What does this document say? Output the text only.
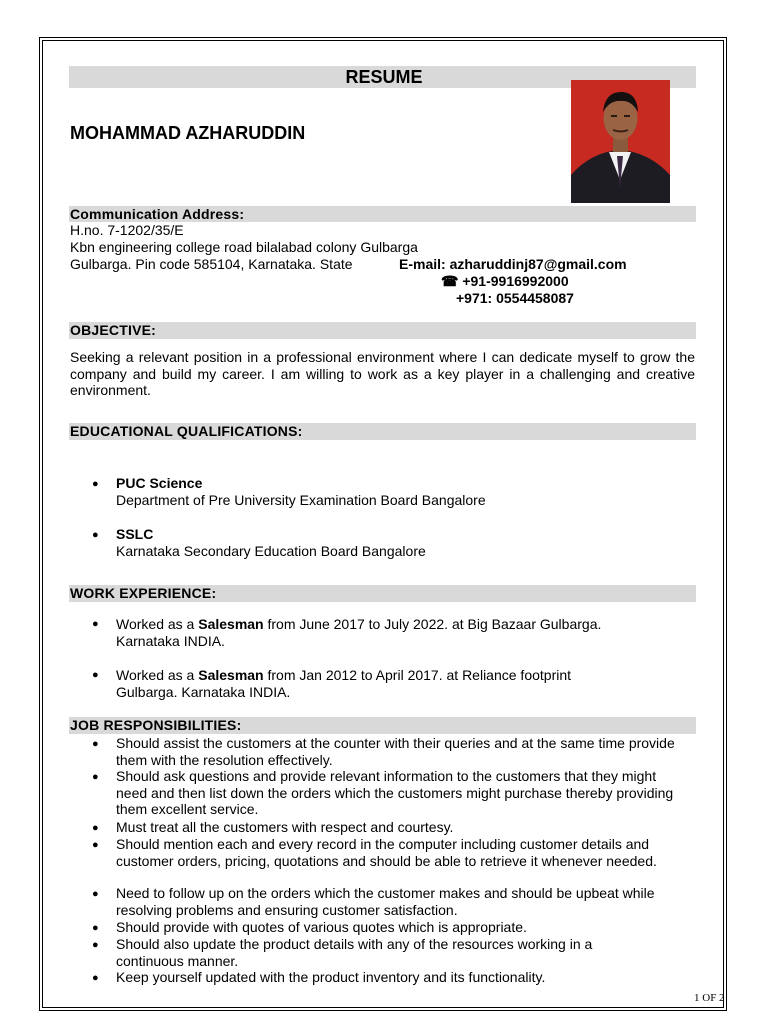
RESUME
MOHAMMAD AZHARUDDIN
Communication Address:
H.no. 7-1202/35/E
Kbn engineering college road bilalabad colony Gulbarga
Gulbarga. Pin code 585104, Karnataka. State	E-mail: azharuddinj87@gmail.com
☎ +91-9916992000
+971: 0554458087
OBJECTIVE:
Seeking a relevant position in a professional environment where I can dedicate myself to grow the company and build my career. I am willing to work as a key player in a challenging and creative environment.
EDUCATIONAL QUALIFICATIONS:
● PUC Science
Department of Pre University Examination Board Bangalore
● SSLC
Karnataka Secondary Education Board Bangalore
WORK EXPERIENCE:
● Worked as a Salesman from June 2017 to July 2022. at Big Bazaar Gulbarga.
Karnataka INDIA.
● Worked as a Salesman from Jan 2012 to April 2017. at Reliance footprint
Gulbarga. Karnataka INDIA.
JOB RESPONSIBILITIES:
● Should assist the customers at the counter with their queries and at the same time provide them with the resolution effectively.
● Should ask questions and provide relevant information to the customers that they might need and then list down the orders which the customers might purchase thereby providing them excellent service.
● Must treat all the customers with respect and courtesy.
● Should mention each and every record in the computer including customer details and customer orders, pricing, quotations and should be able to retrieve it whenever needed.
● Need to follow up on the orders which the customer makes and should be upbeat while resolving problems and ensuring customer satisfaction.
● Should provide with quotes of various quotes which is appropriate.
● Should also update the product details with any of the resources working in a continuous manner.
● Keep yourself updated with the product inventory and its functionality.
1 OF 2
